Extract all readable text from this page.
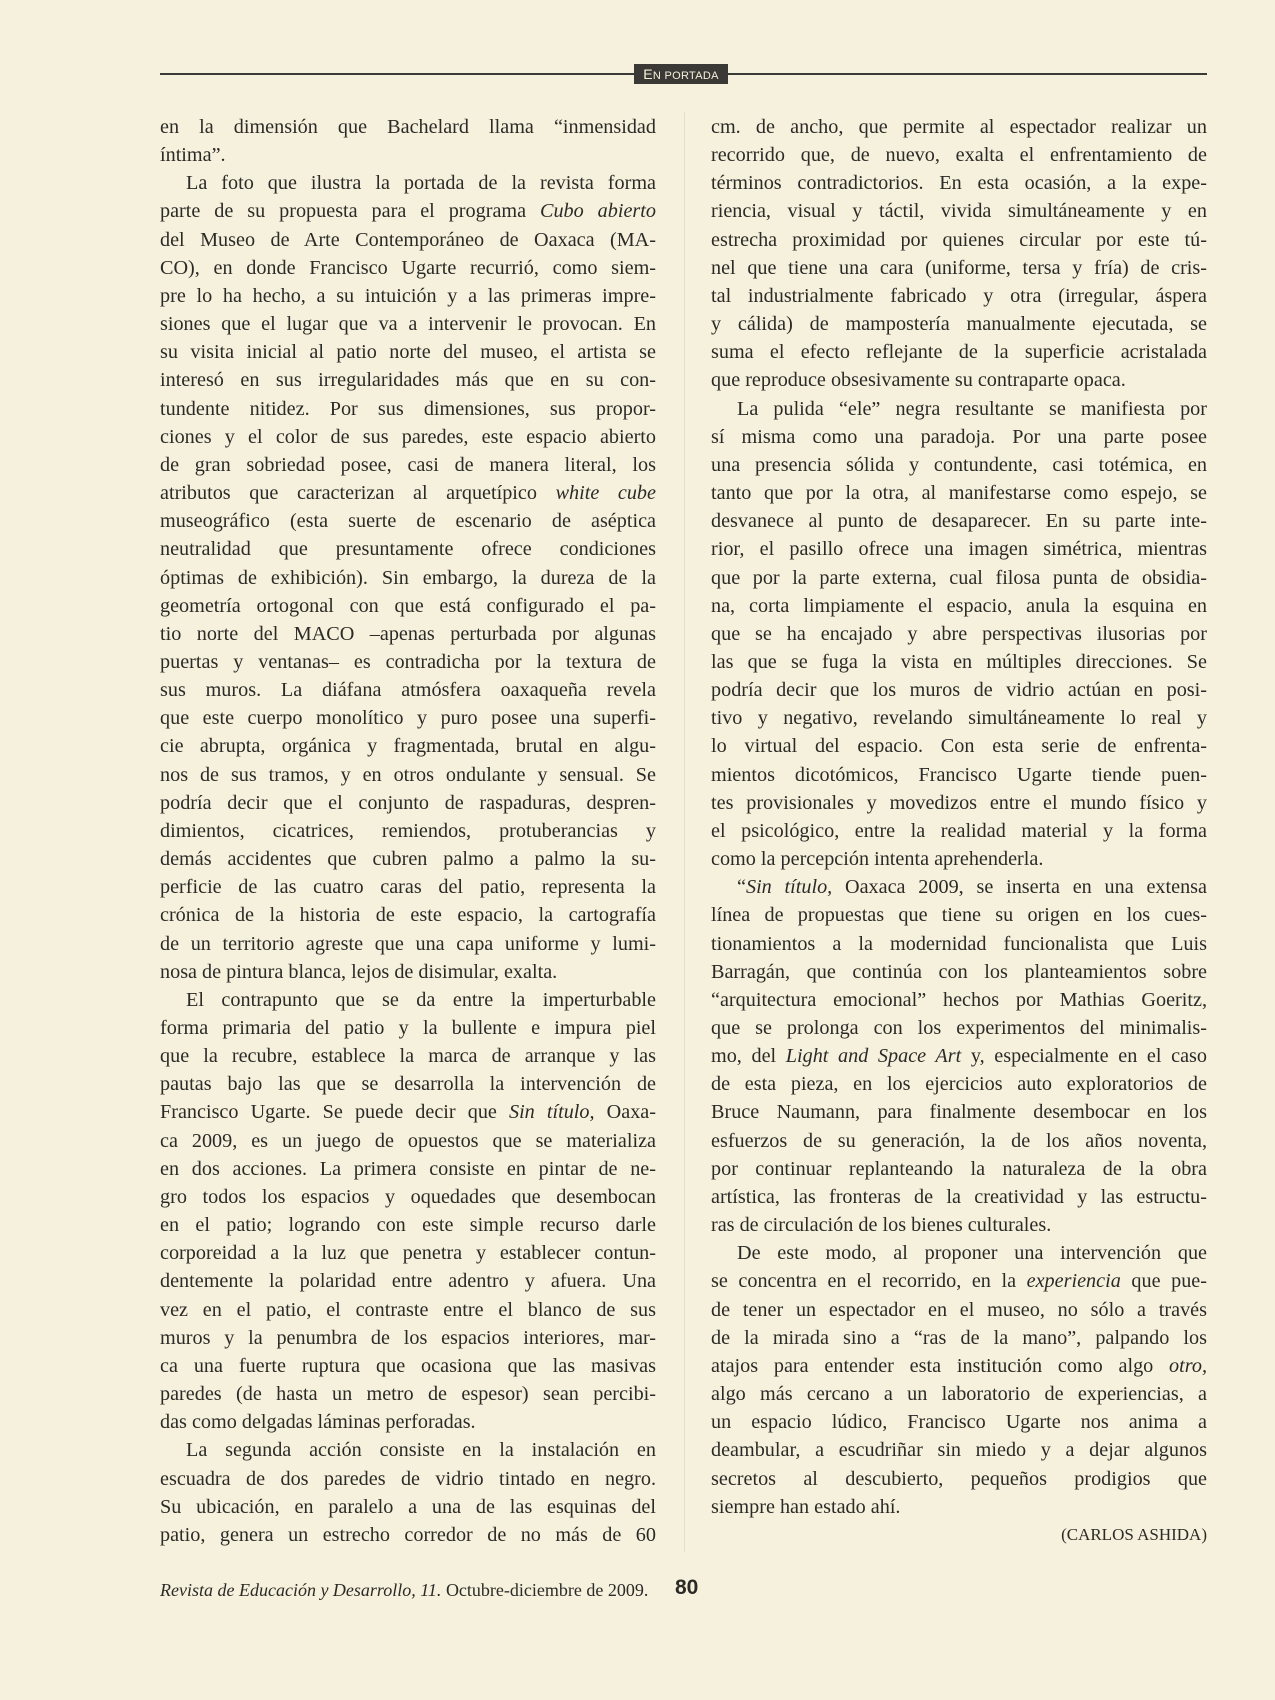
EN PORTADA
en la dimensión que Bachelard llama “inmensidad
íntima”.
La foto que ilustra la portada de la revista forma
parte de su propuesta para el programa Cubo abierto
del Museo de Arte Contemporáneo de Oaxaca (MA-
CO), en donde Francisco Ugarte recurrió, como siem-
pre lo ha hecho, a su intuición y a las primeras impre-
siones que el lugar que va a intervenir le provocan. En
su visita inicial al patio norte del museo, el artista se
interesó en sus irregularidades más que en su con-
tundente nitidez. Por sus dimensiones, sus propor-
ciones y el color de sus paredes, este espacio abierto
de gran sobriedad posee, casi de manera literal, los
atributos que caracterizan al arquetípico white cube
museográfico (esta suerte de escenario de aséptica
neutralidad que presuntamente ofrece condiciones
óptimas de exhibición). Sin embargo, la dureza de la
geometría ortogonal con que está configurado el pa-
tio norte del MACO –apenas perturbada por algunas
puertas y ventanas– es contradicha por la textura de
sus muros. La diáfana atmósfera oaxaqueña revela
que este cuerpo monolítico y puro posee una superfi-
cie abrupta, orgánica y fragmentada, brutal en algu-
nos de sus tramos, y en otros ondulante y sensual. Se
podría decir que el conjunto de raspaduras, despren-
dimientos, cicatrices, remiendos, protuberancias y
demás accidentes que cubren palmo a palmo la su-
perficie de las cuatro caras del patio, representa la
crónica de la historia de este espacio, la cartografía
de un territorio agreste que una capa uniforme y lumi-
nosa de pintura blanca, lejos de disimular, exalta.
El contrapunto que se da entre la imperturbable
forma primaria del patio y la bullente e impura piel
que la recubre, establece la marca de arranque y las
pautas bajo las que se desarrolla la intervención de
Francisco Ugarte. Se puede decir que Sin título, Oaxa-
ca 2009, es un juego de opuestos que se materializa
en dos acciones. La primera consiste en pintar de ne-
gro todos los espacios y oquedades que desembocan
en el patio; logrando con este simple recurso darle
corporeidad a la luz que penetra y establecer contun-
dentemente la polaridad entre adentro y afuera. Una
vez en el patio, el contraste entre el blanco de sus
muros y la penumbra de los espacios interiores, mar-
ca una fuerte ruptura que ocasiona que las masivas
paredes (de hasta un metro de espesor) sean percibi-
das como delgadas láminas perforadas.
La segunda acción consiste en la instalación en
escuadra de dos paredes de vidrio tintado en negro.
Su ubicación, en paralelo a una de las esquinas del
patio, genera un estrecho corredor de no más de 60
cm. de ancho, que permite al espectador realizar un
recorrido que, de nuevo, exalta el enfrentamiento de
términos contradictorios. En esta ocasión, a la expe-
riencia, visual y táctil, vivida simultáneamente y en
estrecha proximidad por quienes circular por este tú-
nel que tiene una cara (uniforme, tersa y fría) de cris-
tal industrialmente fabricado y otra (irregular, áspera
y cálida) de mampostería manualmente ejecutada, se
suma el efecto reflejante de la superficie acristalada
que reproduce obsesivamente su contraparte opaca.
La pulida “ele” negra resultante se manifiesta por
sí misma como una paradoja. Por una parte posee
una presencia sólida y contundente, casi totémica, en
tanto que por la otra, al manifestarse como espejo, se
desvanece al punto de desaparecer. En su parte inte-
rior, el pasillo ofrece una imagen simétrica, mientras
que por la parte externa, cual filosa punta de obsidia-
na, corta limpiamente el espacio, anula la esquina en
que se ha encajado y abre perspectivas ilusorias por
las que se fuga la vista en múltiples direcciones. Se
podría decir que los muros de vidrio actúan en posi-
tivo y negativo, revelando simultáneamente lo real y
lo virtual del espacio. Con esta serie de enfrenta-
mientos dicotómicos, Francisco Ugarte tiende puen-
tes provisionales y movedizos entre el mundo físico y
el psicológico, entre la realidad material y la forma
como la percepción intenta aprehenderla.
“Sin título, Oaxaca 2009, se inserta en una extensa
línea de propuestas que tiene su origen en los cues-
tionamientos a la modernidad funcionalista que Luis
Barragán, que continúa con los planteamientos sobre
“arquitectura emocional” hechos por Mathias Goeritz,
que se prolonga con los experimentos del minimalis-
mo, del Light and Space Art y, especialmente en el caso
de esta pieza, en los ejercicios auto exploratorios de
Bruce Naumann, para finalmente desembocar en los
esfuerzos de su generación, la de los años noventa,
por continuar replanteando la naturaleza de la obra
artística, las fronteras de la creatividad y las estructu-
ras de circulación de los bienes culturales.
De este modo, al proponer una intervención que
se concentra en el recorrido, en la experiencia que pue-
de tener un espectador en el museo, no sólo a través
de la mirada sino a “ras de la mano”, palpando los
atajos para entender esta institución como algo otro,
algo más cercano a un laboratorio de experiencias, a
un espacio lúdico, Francisco Ugarte nos anima a
deambular, a escudriñar sin miedo y a dejar algunos
secretos al descubierto, pequeños prodigios que
siempre han estado ahí.
(CARLOS ASHIDA)
Revista de Educación y Desarrollo, 11. Octubre-diciembre de 2009. 80
